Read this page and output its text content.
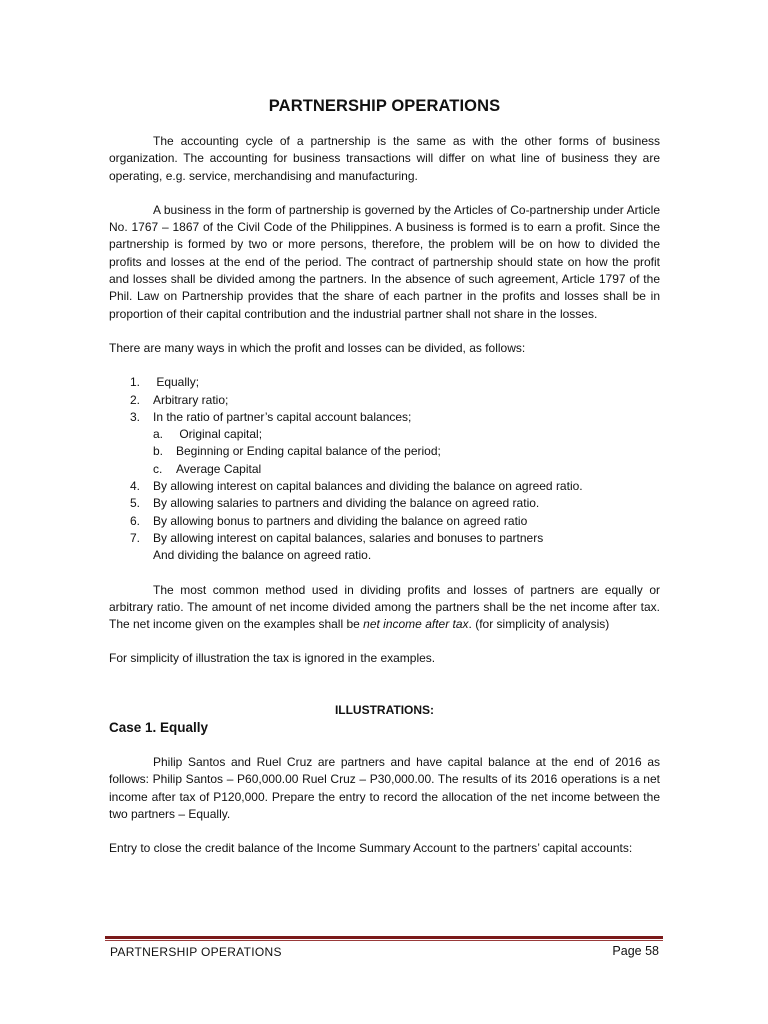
PARTNERSHIP OPERATIONS

The accounting cycle of a partnership is the same as with the other forms of business organization. The accounting for business transactions will differ on what line of business they are operating, e.g. service, merchandising and manufacturing.

A business in the form of partnership is governed by the Articles of Co-partnership under Article No. 1767 – 1867 of the Civil Code of the Philippines. A business is formed is to earn a profit. Since the partnership is formed by two or more persons, therefore, the problem will be on how to divided the profits and losses at the end of the period. The contract of partnership should state on how the profit and losses shall be divided among the partners. In the absence of such agreement, Article 1797 of the Phil. Law on Partnership provides that the share of each partner in the profits and losses shall be in proportion of their capital contribution and the industrial partner shall not share in the losses.

There are many ways in which the profit and losses can be divided, as follows:

1. Equally;
2. Arbitrary ratio;
3. In the ratio of partner’s capital account balances;
a. Original capital;
b. Beginning or Ending capital balance of the period;
c. Average Capital
4. By allowing interest on capital balances and dividing the balance on agreed ratio.
5. By allowing salaries to partners and dividing the balance on agreed ratio.
6. By allowing bonus to partners and dividing the balance on agreed ratio
7. By allowing interest on capital balances, salaries and bonuses to partners
And dividing the balance on agreed ratio.

The most common method used in dividing profits and losses of partners are equally or arbitrary ratio. The amount of net income divided among the partners shall be the net income after tax. The net income given on the examples shall be net income after tax. (for simplicity of analysis)

For simplicity of illustration the tax is ignored in the examples.

ILLUSTRATIONS:
Case 1. Equally

Philip Santos and Ruel Cruz are partners and have capital balance at the end of 2016 as follows: Philip Santos – P60,000.00 Ruel Cruz – P30,000.00. The results of its 2016 operations is a net income after tax of P120,000. Prepare the entry to record the allocation of the net income between the two partners – Equally.

Entry to close the credit balance of the Income Summary Account to the partners’ capital accounts:

PARTNERSHIP OPERATIONS	Page 58
